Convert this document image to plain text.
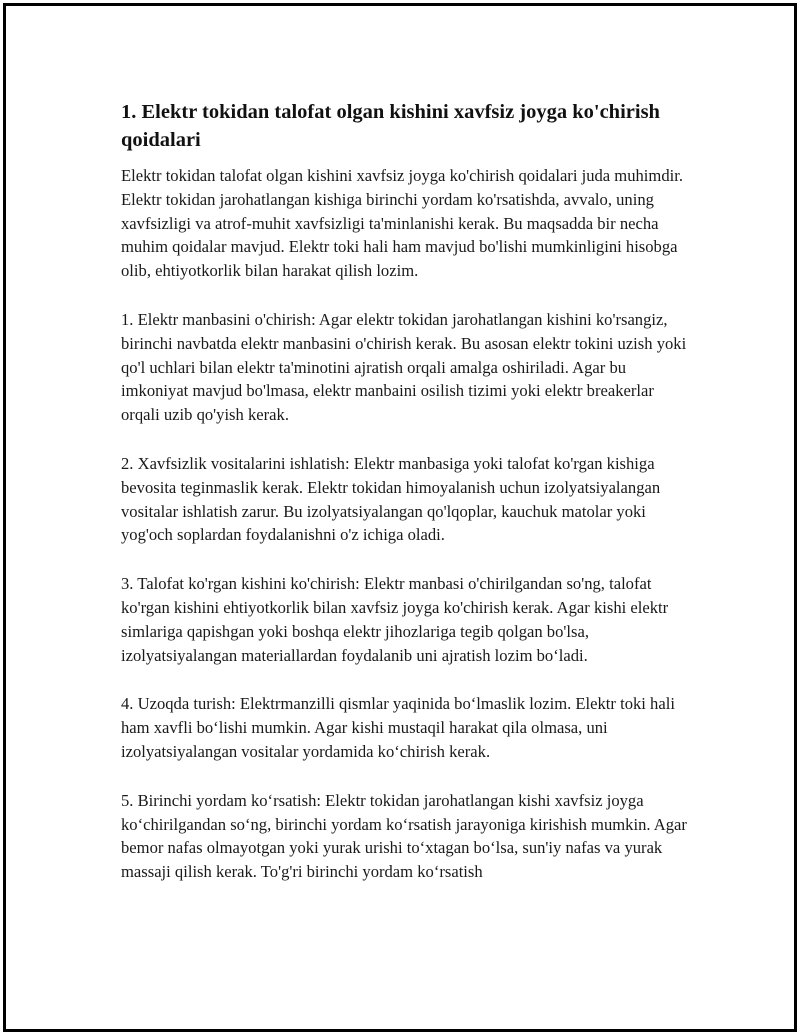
1. Elektr tokidan talofat olgan kishini xavfsiz joyga ko'chirish qoidalari

Elektr tokidan talofat olgan kishini xavfsiz joyga ko'chirish qoidalari juda muhimdir. Elektr tokidan jarohatlangan kishiga birinchi yordam ko'rsatishda, avvalo, uning xavfsizligi va atrof-muhit xavfsizligi ta'minlanishi kerak. Bu maqsadda bir necha muhim qoidalar mavjud. Elektr toki hali ham mavjud bo'lishi mumkinligini hisobga olib, ehtiyotkorlik bilan harakat qilish lozim.

1. Elektr manbasini o'chirish: Agar elektr tokidan jarohatlangan kishini ko'rsangiz, birinchi navbatda elektr manbasini o'chirish kerak. Bu asosan elektr tokini uzish yoki qo'l uchlari bilan elektr ta'minotini ajratish orqali amalga oshiriladi. Agar bu imkoniyat mavjud bo'lmasa, elektr manbaini osilish tizimi yoki elektr breakerlar orqali uzib qo'yish kerak.

2. Xavfsizlik vositalarini ishlatish: Elektr manbasiga yoki talofat ko'rgan kishiga bevosita teginmaslik kerak. Elektr tokidan himoyalanish uchun izolyatsiyalangan vositalar ishlatish zarur. Bu izolyatsiyalangan qo'lqoplar, kauchuk matolar yoki yog'och soplardan foydalanishni o'z ichiga oladi.

3. Talofat ko'rgan kishini ko'chirish: Elektr manbasi o'chirilgandan so'ng, talofat ko'rgan kishini ehtiyotkorlik bilan xavfsiz joyga ko'chirish kerak. Agar kishi elektr simlariga qapishgan yoki boshqa elektr jihozlariga tegib qolgan bo'lsa, izolyatsiyalangan materiallardan foydalanib uni ajratish lozim bo‘ladi.

4. Uzoqda turish: Elektrmanzilli qismlar yaqinida bo‘lmaslik lozim. Elektr toki hali ham xavfli bo‘lishi mumkin. Agar kishi mustaqil harakat qila olmasa, uni izolyatsiyalangan vositalar yordamida ko‘chirish kerak.

5. Birinchi yordam ko‘rsatish: Elektr tokidan jarohatlangan kishi xavfsiz joyga ko‘chirilgandan so‘ng, birinchi yordam ko‘rsatish jarayoniga kirishish mumkin. Agar bemor nafas olmayotgan yoki yurak urishi to‘xtagan bo‘lsa, sun'iy nafas va yurak massaji qilish kerak. To'g'ri birinchi yordam ko‘rsatish
